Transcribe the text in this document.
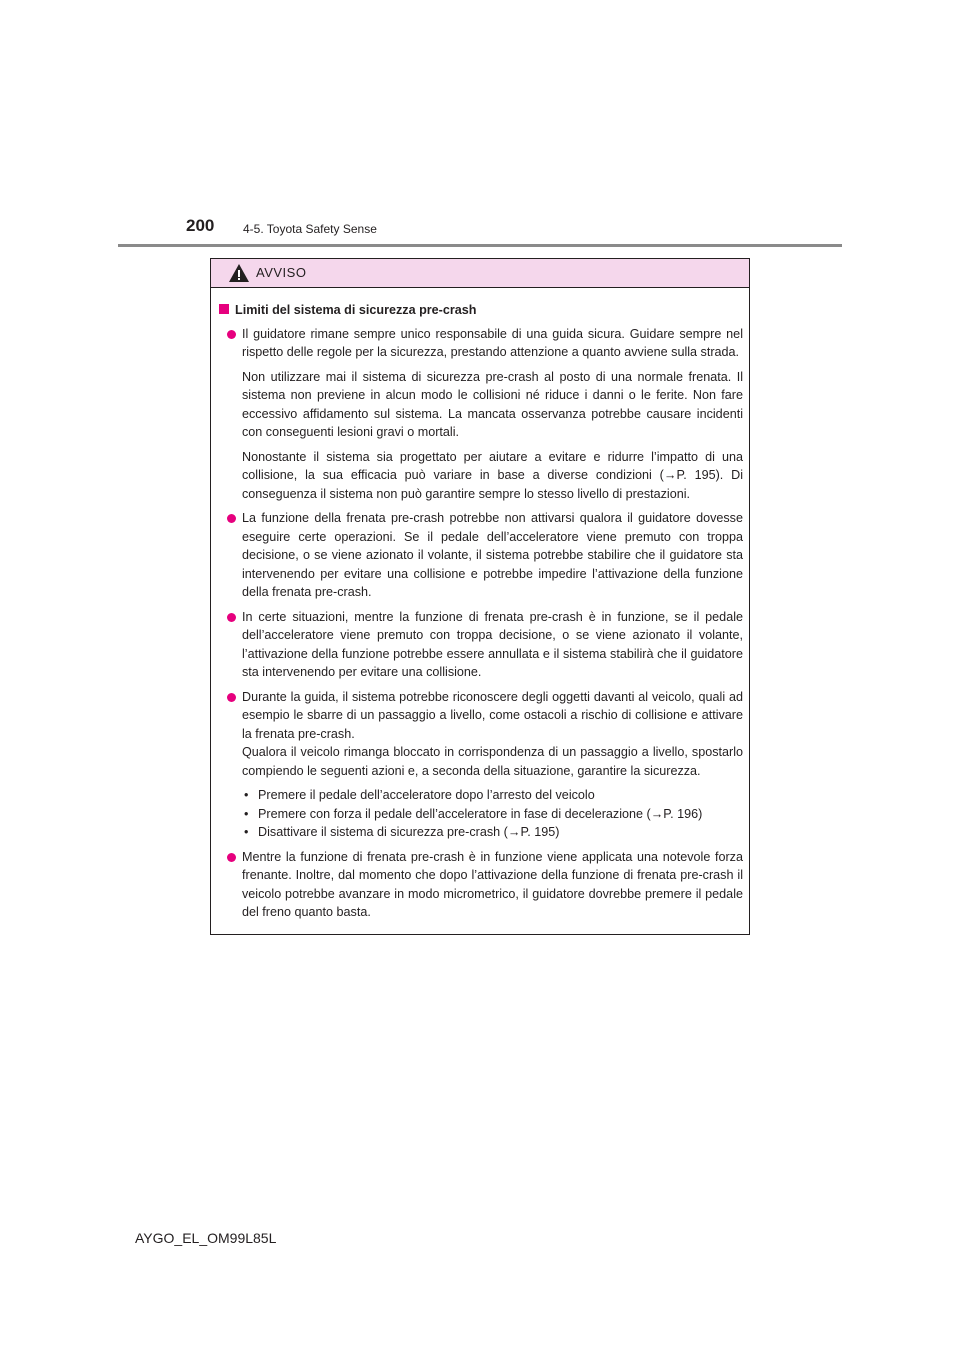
200 4-5. Toyota Safety Sense
AVVISO
Limiti del sistema di sicurezza pre-crash

Il guidatore rimane sempre unico responsabile di una guida sicura. Guidare sempre nel rispetto delle regole per la sicurezza, prestando attenzione a quanto avviene sulla strada.

Non utilizzare mai il sistema di sicurezza pre-crash al posto di una normale frenata. Il sistema non previene in alcun modo le collisioni né riduce i danni o le ferite. Non fare eccessivo affidamento sul sistema. La mancata osservanza potrebbe causare incidenti con conseguenti lesioni gravi o mortali.

Nonostante il sistema sia progettato per aiutare a evitare e ridurre l’impatto di una collisione, la sua efficacia può variare in base a diverse condizioni (→P. 195). Di conseguenza il sistema non può garantire sempre lo stesso livello di prestazioni.

La funzione della frenata pre-crash potrebbe non attivarsi qualora il guidatore dovesse eseguire certe operazioni. Se il pedale dell’acceleratore viene premuto con troppa decisione, o se viene azionato il volante, il sistema potrebbe stabilire che il guidatore sta intervenendo per evitare una collisione e potrebbe impedire l’attivazione della funzione della frenata pre-crash.

In certe situazioni, mentre la funzione di frenata pre-crash è in funzione, se il pedale dell’acceleratore viene premuto con troppa decisione, o se viene azionato il volante, l’attivazione della funzione potrebbe essere annullata e il sistema stabilirà che il guidatore sta intervenendo per evitare una collisione.

Durante la guida, il sistema potrebbe riconoscere degli oggetti davanti al veicolo, quali ad esempio le sbarre di un passaggio a livello, come ostacoli a rischio di collisione e attivare la frenata pre-crash.

Qualora il veicolo rimanga bloccato in corrispondenza di un passaggio a livello, spostarlo compiendo le seguenti azioni e, a seconda della situazione, garantire la sicurezza.

• Premere il pedale dell’acceleratore dopo l’arresto del veicolo
• Premere con forza il pedale dell’acceleratore in fase di decelerazione (→P. 196)
• Disattivare il sistema di sicurezza pre-crash (→P. 195)

Mentre la funzione di frenata pre-crash è in funzione viene applicata una notevole forza frenante. Inoltre, dal momento che dopo l’attivazione della funzione di frenata pre-crash il veicolo potrebbe avanzare in modo micrometrico, il guidatore dovrebbe premere il pedale del freno quanto basta.

AYGO_EL_OM99L85L
